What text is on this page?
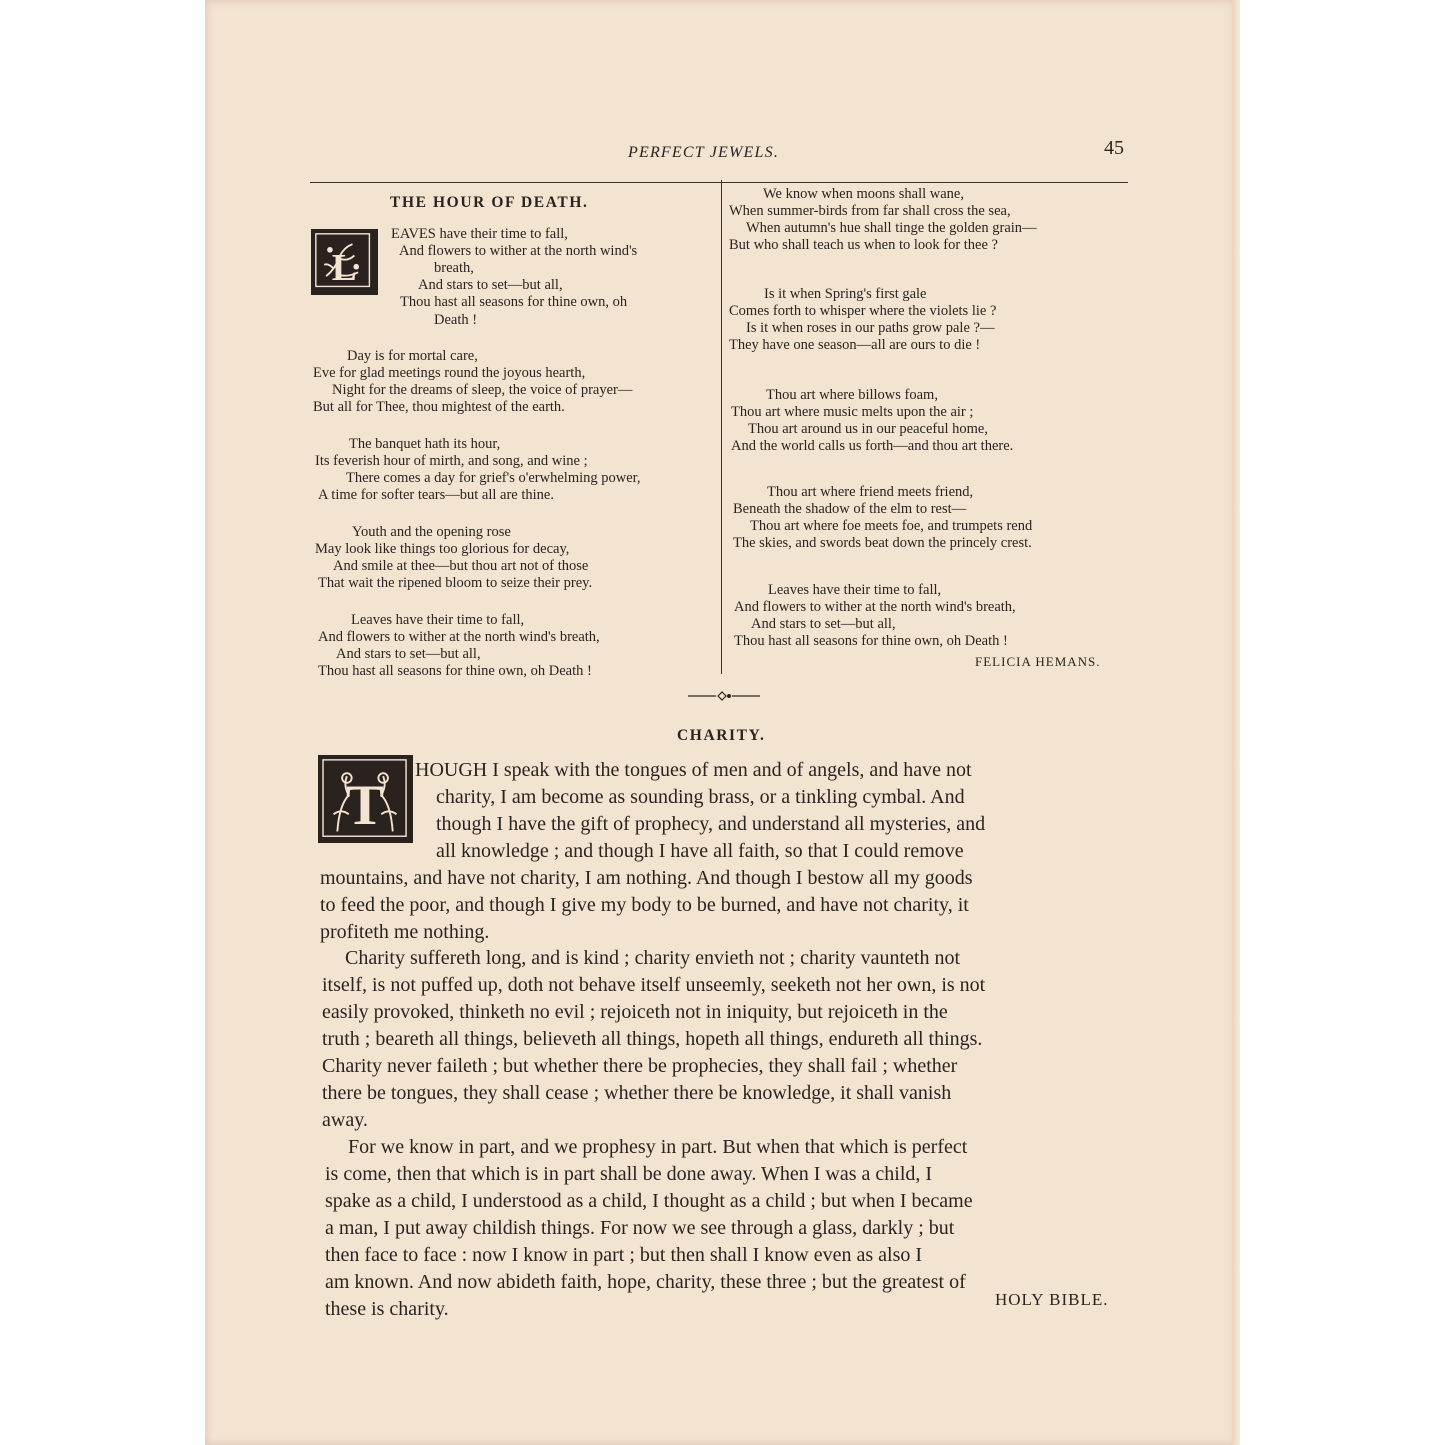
PERFECT JEWELS.	45
THE HOUR OF DEATH.
L
EAVES have their time to fall,
And flowers to wither at the north wind's
breath,
And stars to set—but all,
Thou hast all seasons for thine own, oh
Death !
Day is for mortal care,
Eve for glad meetings round the joyous hearth,
Night for the dreams of sleep, the voice of prayer—
But all for Thee, thou mightest of the earth.
The banquet hath its hour,
Its feverish hour of mirth, and song, and wine ;
There comes a day for grief's o'erwhelming power,
A time for softer tears—but all are thine.
Youth and the opening rose
May look like things too glorious for decay,
And smile at thee—but thou art not of those
That wait the ripened bloom to seize their prey.
Leaves have their time to fall,
And flowers to wither at the north wind's breath,
And stars to set—but all,
Thou hast all seasons for thine own, oh Death !
We know when moons shall wane,
When summer-birds from far shall cross the sea,
When autumn's hue shall tinge the golden grain—
But who shall teach us when to look for thee ?
Is it when Spring's first gale
Comes forth to whisper where the violets lie ?
Is it when roses in our paths grow pale ?—
They have one season—all are ours to die !
Thou art where billows foam,
Thou art where music melts upon the air ;
Thou art around us in our peaceful home,
And the world calls us forth—and thou art there.
Thou art where friend meets friend,
Beneath the shadow of the elm to rest—
Thou art where foe meets foe, and trumpets rend
The skies, and swords beat down the princely crest.
Leaves have their time to fall,
And flowers to wither at the north wind's breath,
And stars to set—but all,
Thou hast all seasons for thine own, oh Death !
FELICIA HEMANS.
CHARITY.
T
HOUGH I speak with the tongues of men and of angels, and have not
charity, I am become as sounding brass, or a tinkling cymbal. And
though I have the gift of prophecy, and understand all mysteries, and
all knowledge ; and though I have all faith, so that I could remove
mountains, and have not charity, I am nothing. And though I bestow all my goods
to feed the poor, and though I give my body to be burned, and have not charity, it
profiteth me nothing.
Charity suffereth long, and is kind ; charity envieth not ; charity vaunteth not
itself, is not puffed up, doth not behave itself unseemly, seeketh not her own, is not
easily provoked, thinketh no evil ; rejoiceth not in iniquity, but rejoiceth in the
truth ; beareth all things, believeth all things, hopeth all things, endureth all things.
Charity never faileth ; but whether there be prophecies, they shall fail ; whether
there be tongues, they shall cease ; whether there be knowledge, it shall vanish
away.
For we know in part, and we prophesy in part. But when that which is perfect
is come, then that which is in part shall be done away. When I was a child, I
spake as a child, I understood as a child, I thought as a child ; but when I became
a man, I put away childish things. For now we see through a glass, darkly ; but
then face to face : now I know in part ; but then shall I know even as also I
am known. And now abideth faith, hope, charity, these three ; but the greatest of
these is charity.	HOLY BIBLE.
